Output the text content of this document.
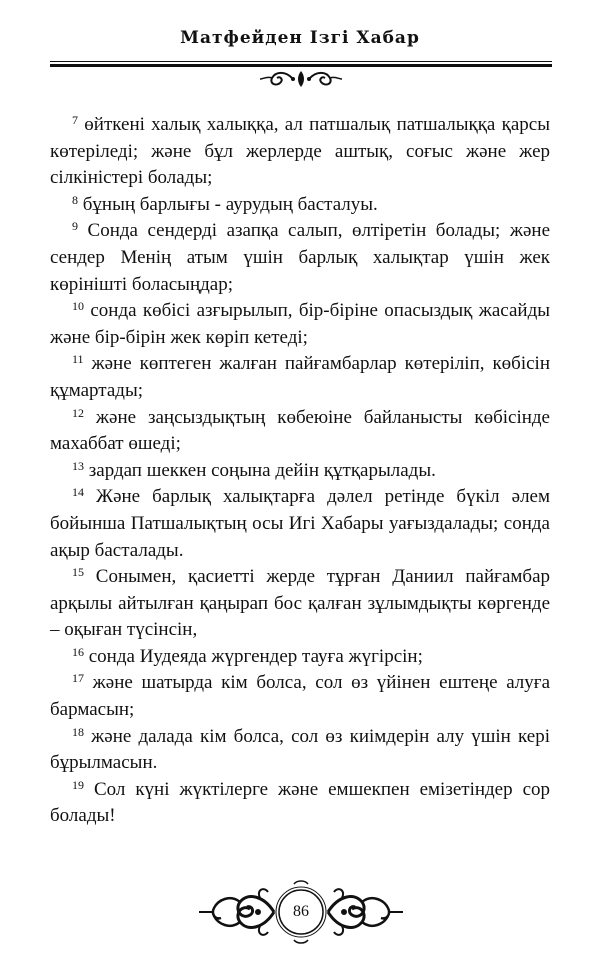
Матфейден Ізгі Хабар

$^7$ өйткені халық халыққа, ал патшалық патшалыққа қарсы көтеріледі; және бұл жерлерде аштық, соғыс және жер сілкіністері болады;

$^8$ бұның барлығы - аурудың басталуы.

$^9$ Сонда сендерді азапқа салып, өлтіретін болады; және сендер Менің атым үшін барлық халықтар үшін жек көрінішті боласыңдар;

$^{10}$ сонда көбісі азғырылып, бір-біріне опасыздық жасайды және бір-бірін жек көріп кетеді;

$^{11}$ және көптеген жалған пайғамбарлар көтеріліп, көбісін құмартады;

$^{12}$ және заңсыздықтың көбеюіне байланысты көбісінде махаббат өшеді;

$^{13}$ зардап шеккен соңына дейін құтқарылады.

$^{14}$ Және барлық халықтарға дәлел ретінде бүкіл әлем бойынша Патшалықтың осы Игі Хабары уағыздалады; сонда ақыр басталады.

$^{15}$ Сонымен, қасиетті жерде тұрған Даниил пайғамбар арқылы айтылған қаңырап бос қалған зұлымдықты көргенде – оқыған түсінсін,

$^{16}$ сонда Иудеяда жүргендер тауға жүгірсін;

$^{17}$ және шатырда кім болса, сол өз үйінен ештеңе алуға бармасын;

$^{18}$ және далада кім болса, сол өз киімдерін алу үшін кері бұрылмасын.

$^{19}$ Сол күні жүктілерге және емшекпен емізетіндер сор болады!

86
